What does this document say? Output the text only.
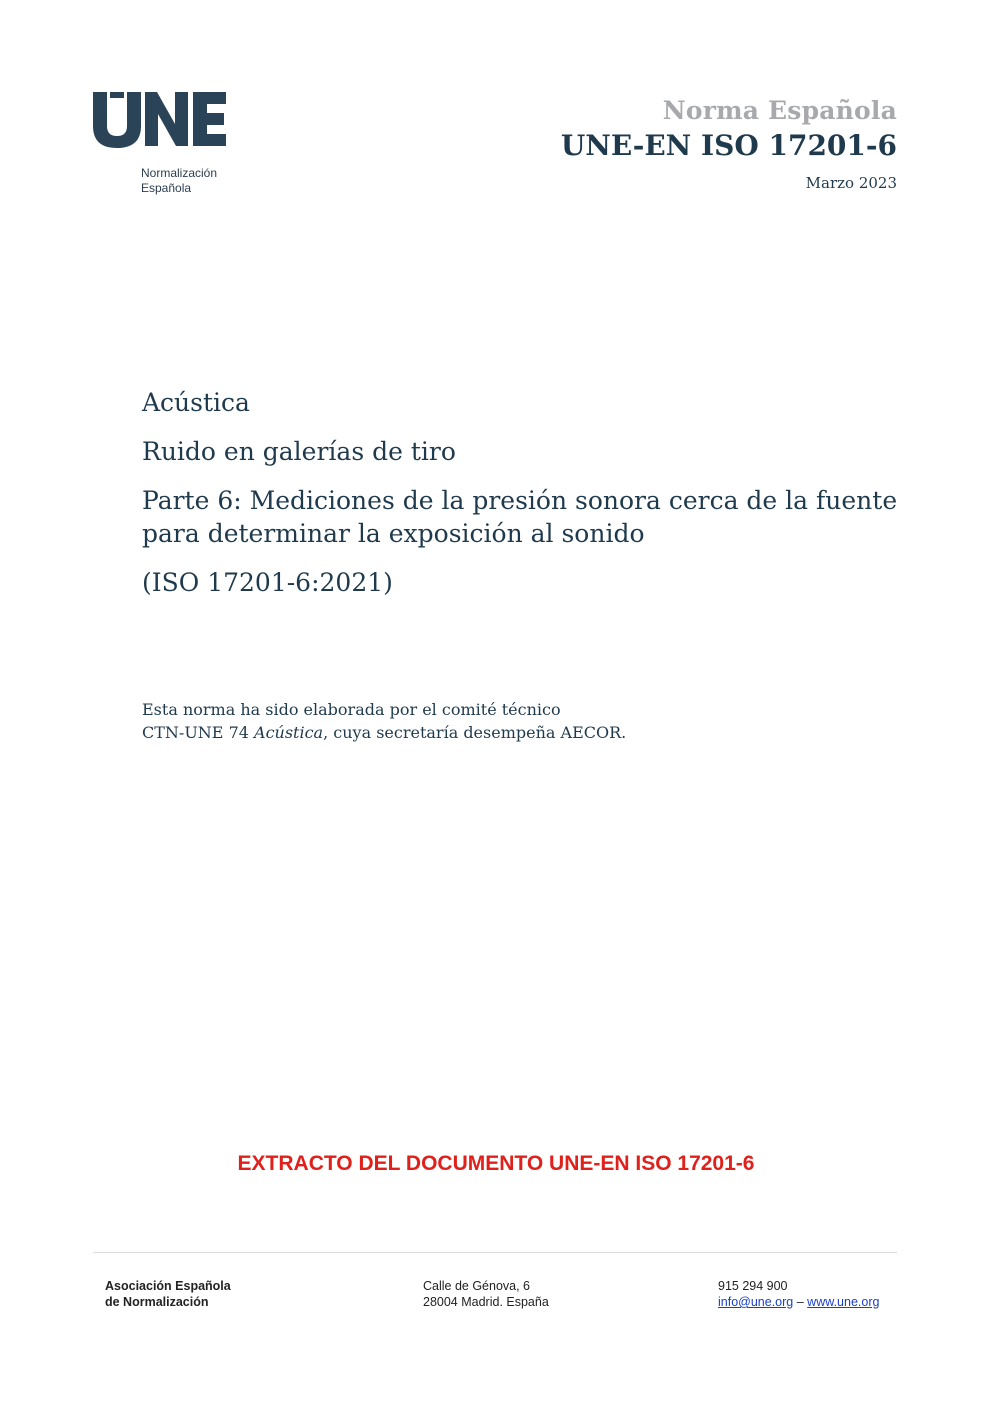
Normalización
Española
Norma Española
UNE-EN ISO 17201-6
Marzo 2023
Acústica
Ruido en galerías de tiro
Parte 6: Mediciones de la presión sonora cerca de la fuente
para determinar la exposición al sonido
(ISO 17201-6:2021)
Esta norma ha sido elaborada por el comité técnico
CTN-UNE 74 Acústica, cuya secretaría desempeña AECOR.
EXTRACTO DEL DOCUMENTO UNE-EN ISO 17201-6
Asociación Española
de Normalización
Calle de Génova, 6
28004 Madrid. España
915 294 900
info@une.org – www.une.org
